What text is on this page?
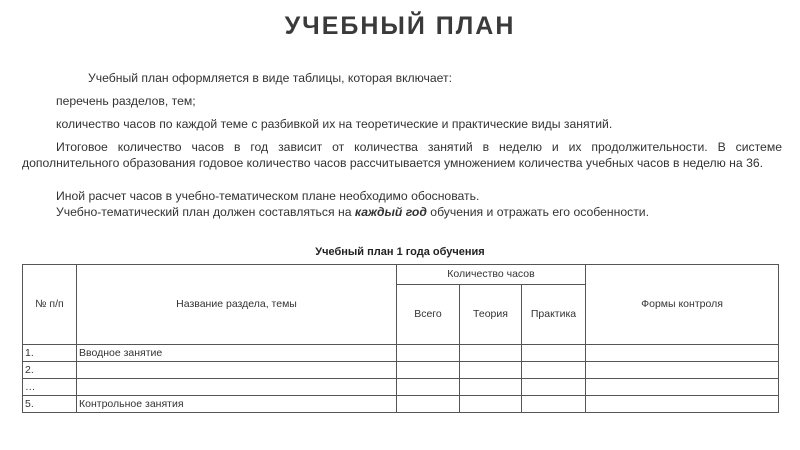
УЧЕБНЫЙ ПЛАН
Учебный план оформляется в виде таблицы, которая включает:
перечень разделов, тем;
количество часов по каждой теме с разбивкой их на теоретические и практические виды занятий.
Итоговое количество часов в год зависит от количества занятий в неделю и их продолжительности. В системе дополнительного образования годовое количество часов рассчитывается умножением количества учебных часов в неделю на 36.
Иной расчет часов в учебно-тематическом плане необходимо обосновать.
Учебно-тематический план должен составляться на каждый год обучения и отражать его особенности.
Учебный план 1 года обучения
№ п/п	Название раздела, темы	Количество часов			Формы контроля
		Всего	Теория	Практика	
1.	Вводное занятие				
2.					
…					
5.	Контрольное занятия				
